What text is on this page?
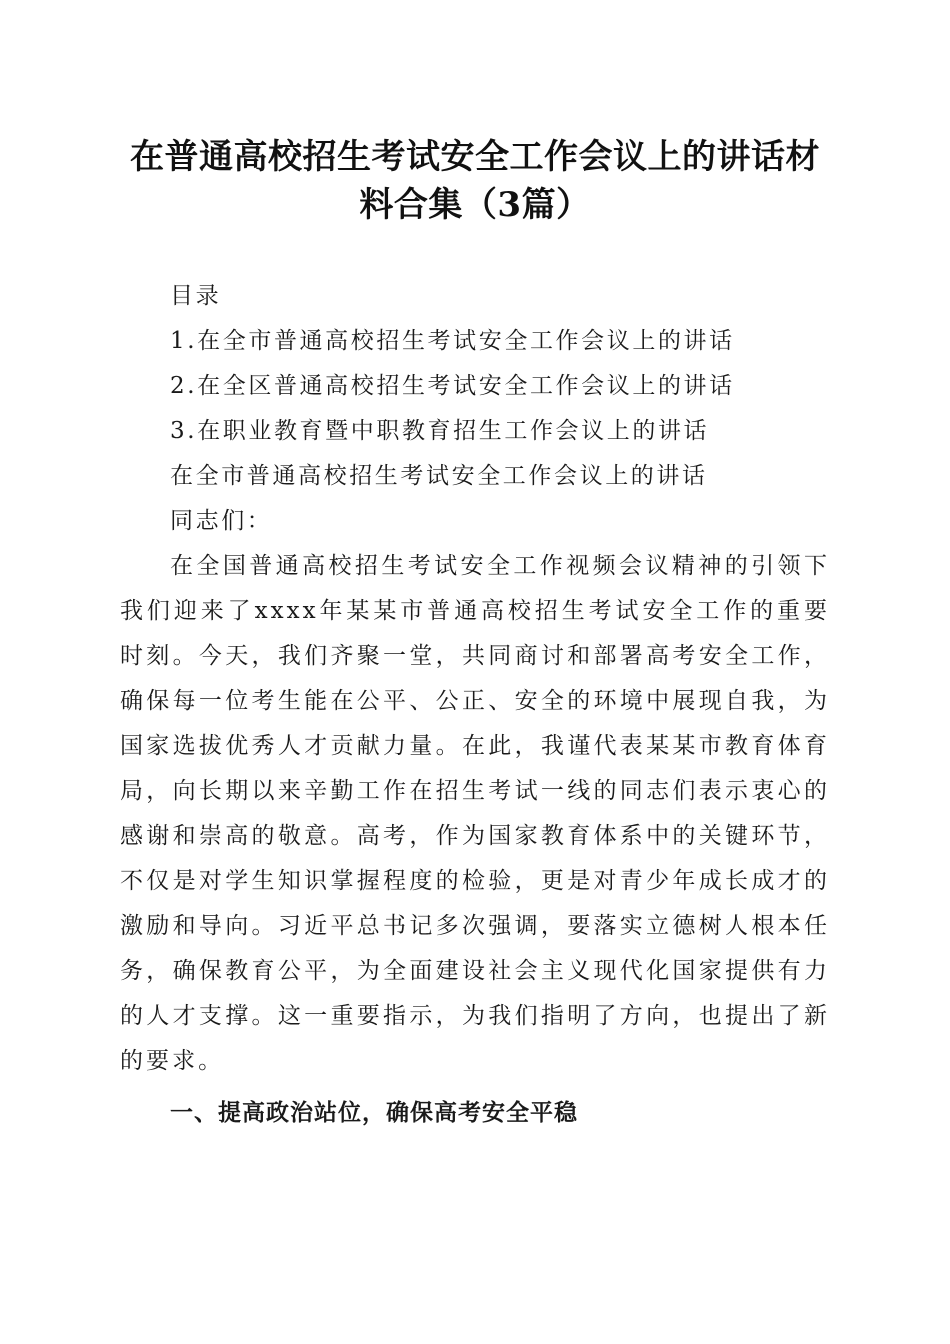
在普通高校招生考试安全工作会议上的讲话材
料合集（3篇）
目录
1.在全市普通高校招生考试安全工作会议上的讲话
2.在全区普通高校招生考试安全工作会议上的讲话
3.在职业教育暨中职教育招生工作会议上的讲话
在全市普通高校招生考试安全工作会议上的讲话
同志们：

在全国普通高校招生考试安全工作视频会议精神的引领下我们迎来了xxxx年某某市普通高校招生考试安全工作的重要时刻。今天，我们齐聚一堂，共同商讨和部署高考安全工作，确保每一位考生能在公平、公正、安全的环境中展现自我，为国家选拔优秀人才贡献力量。在此，我谨代表某某市教育体育局，向长期以来辛勤工作在招生考试一线的同志们表示衷心的感谢和崇高的敬意。高考，作为国家教育体系中的关键环节，不仅是对学生知识掌握程度的检验，更是对青少年成长成才的激励和导向。习近平总书记多次强调，要落实立德树人根本任务，确保教育公平，为全面建设社会主义现代化国家提供有力的人才支撑。这一重要指示，为我们指明了方向，也提出了新的要求。

一、提高政治站位，确保高考安全平稳
